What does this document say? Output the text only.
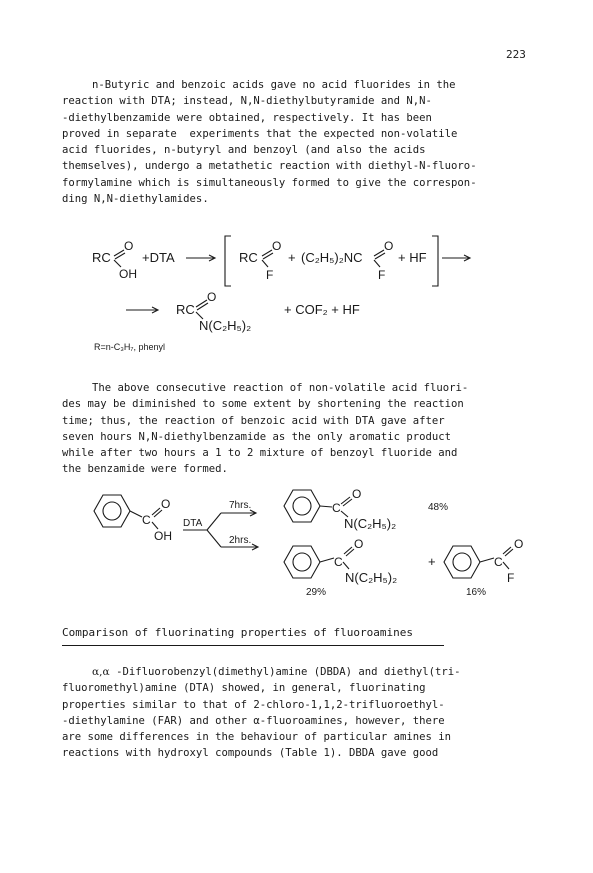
223

n-Butyric and benzoic acids gave no acid fluorides in the
reaction with DTA; instead, N,N-diethylbutyramide and N,N-
-diethylbenzamide were obtained, respectively. It has been
proved in separate  experiments that the expected non-volatile
acid fluorides, n-butyryl and benzoyl (and also the acids
themselves), undergo a metathetic reaction with diethyl-N-fluoro-
formylamine which is simultaneously formed to give the correspon-
ding N,N-diethylamides.

RC
O
OH
+DTA	RC
O
F
+ (C₂H₅)₂NC
O
F
+ HF
RC
O
N(C₂H₅)₂
+ COF₂ + HF
R=n-C₃H₇, phenyl

The above consecutive reaction of non-volatile acid fluori-
des may be diminished to some extent by shortening the reaction
time; thus, the reaction of benzoic acid with DTA gave after
seven hours N,N-diethylbenzamide as the only aromatic product
while after two hours a 1 to 2 mixture of benzoyl fluoride and
the benzamide were formed.

C
O
OH
DTA
7hrs.
2hrs.
C
O
N(C₂H₅)₂
48%
C
O
N(C₂H₅)₂
29%
+	C
O
F
16%

Comparison of fluorinating properties of fluoroamines

α,α -Difluorobenzyl(dimethyl)amine (DBDA) and diethyl(tri-
fluoromethyl)amine (DTA) showed, in general, fluorinating
properties similar to that of 2-chloro-1,1,2-trifluoroethyl-
-diethylamine (FAR) and other α-fluoroamines, however, there
are some differences in the behaviour of particular amines in
reactions with hydroxyl compounds (Table 1). DBDA gave good
